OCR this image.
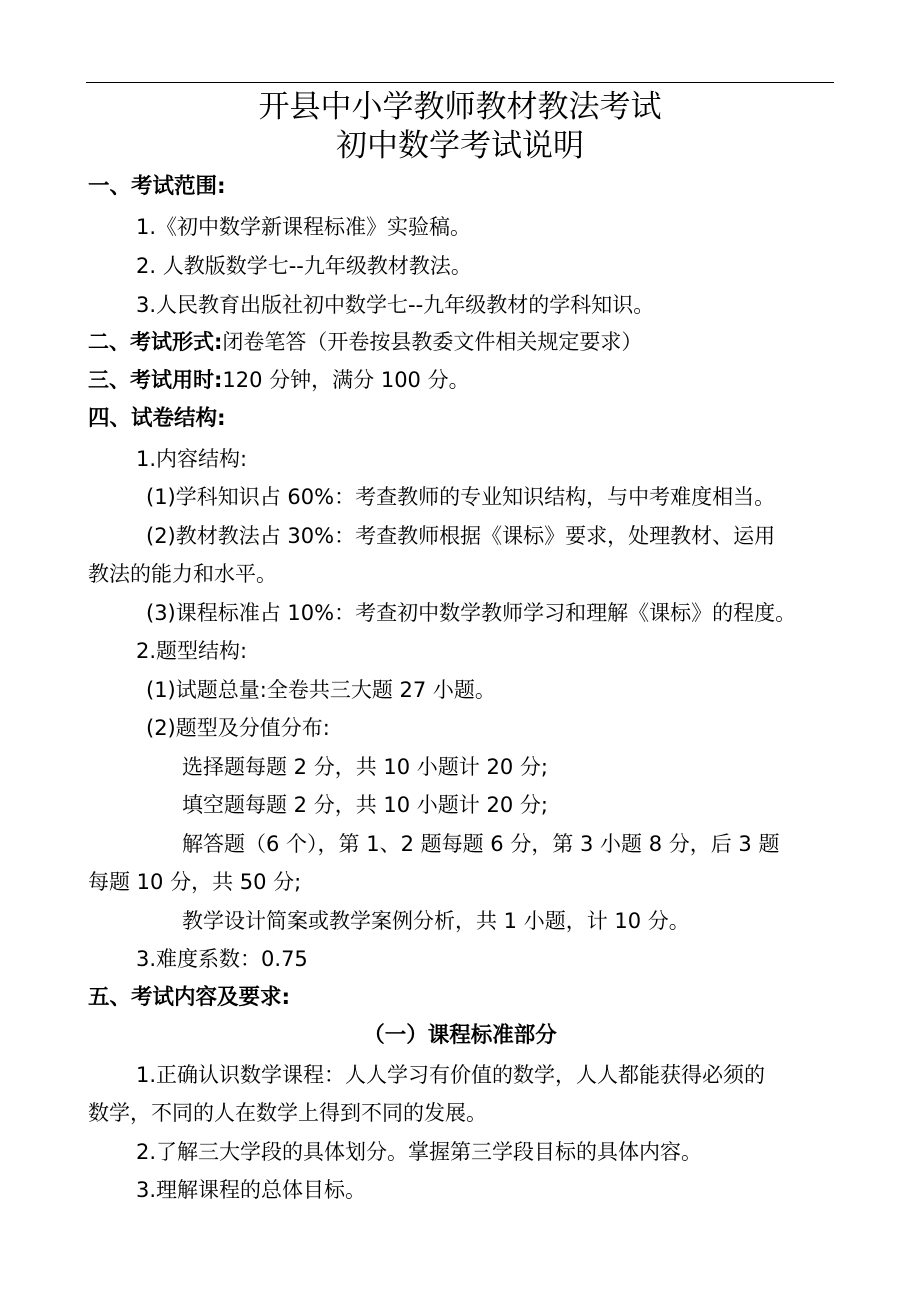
开县中小学教师教材教法考试
初中数学考试说明
一、考试范围:
1.《初中数学新课程标准》实验稿。
2. 人教版数学七--九年级教材教法。
3.人民教育出版社初中数学七--九年级教材的学科知识。
二、考试形式:闭卷笔答（开卷按县教委文件相关规定要求）
三、考试用时:120 分钟，满分 100 分。
四、试卷结构:
1.内容结构:
(1)学科知识占 60%：考查教师的专业知识结构，与中考难度相当。
(2)教材教法占 30%：考查教师根据《课标》要求，处理教材、运用
教法的能力和水平。
(3)课程标准占 10%：考查初中数学教师学习和理解《课标》的程度。
2.题型结构:
(1)试题总量:全卷共三大题 27 小题。
(2)题型及分值分布:
选择题每题 2 分，共 10 小题计 20 分;
填空题每题 2 分，共 10 小题计 20 分;
解答题（6 个），第 1、2 题每题 6 分，第 3 小题 8 分，后 3 题
每题 10 分，共 50 分;
教学设计简案或教学案例分析，共 1 小题，计 10 分。
3.难度系数：0.75
五、考试内容及要求:
（一）课程标准部分
1.正确认识数学课程：人人学习有价值的数学，人人都能获得必须的
数学，不同的人在数学上得到不同的发展。
2.了解三大学段的具体划分。掌握第三学段目标的具体内容。
3.理解课程的总体目标。
